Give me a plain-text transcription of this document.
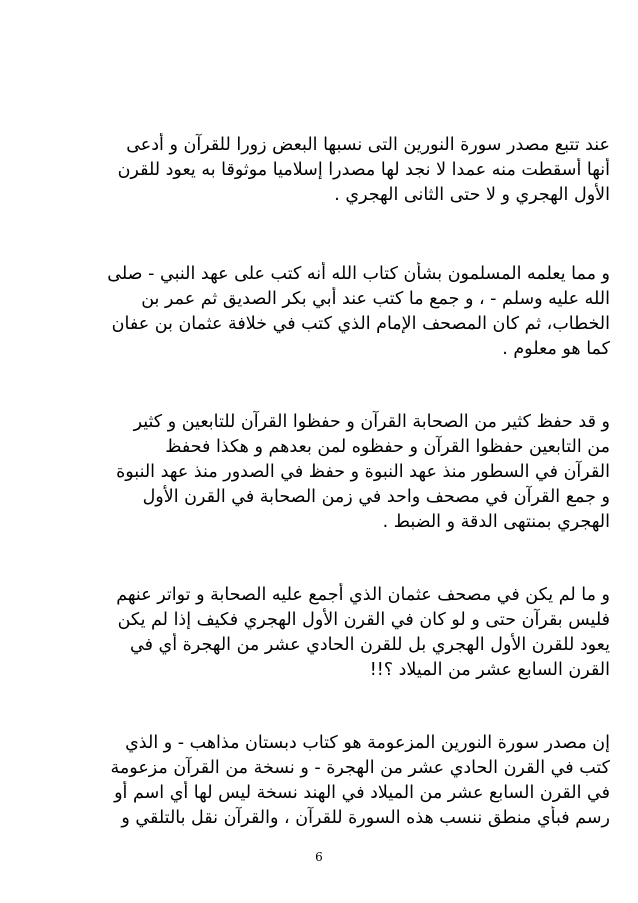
عند تتبع مصدر سورة النورين التى نسبها البعض زورا للقرآن و أدعى
أنها أسقطت منه عمدا لا نجد لها مصدرا إسلاميا موثوقا به يعود للقرن
الأول الهجري و لا حتى الثانى الهجري .
و مما يعلمه المسلمون بشأن كتاب الله أنه كتب على عهد النبي - صلى
الله عليه وسلم - ، و جمع ما كتب عند أبي بكر الصديق ثم عمر بن
الخطاب، ثم كان المصحف الإمام الذي كتب في خلافة عثمان بن عفان
كما هو معلوم .
و قد حفظ كثير من الصحابة القرآن و حفظوا القرآن للتابعين و كثير
من التابعين حفظوا القرآن و حفظوه لمن بعدهم و هكذا فحفظ
القرآن في السطور منذ عهد النبوة و حفظ في الصدور منذ عهد النبوة
و جمع القرآن في مصحف واحد في زمن الصحابة في القرن الأول
الهجري بمنتهى الدقة و الضبط .
و ما لم يكن في مصحف عثمان الذي أجمع عليه الصحابة و تواتر عنهم
فليس بقرآن حتى و لو كان في القرن الأول الهجري فكيف إذا لم يكن
يعود للقرن الأول الهجري بل للقرن الحادي عشر من الهجرة أي في
القرن السابع عشر من الميلاد ؟!!
إن مصدر سورة النورين المزعومة هو كتاب دبستان مذاهب - و الذي
كتب في القرن الحادي عشر من الهجرة - و نسخة من القرآن مزعومة
في القرن السابع عشر من الميلاد في الهند نسخة ليس لها أي اسم أو
رسم فبأي منطق ننسب هذه السورة للقرآن ، والقرآن نقل بالتلقي و
6
